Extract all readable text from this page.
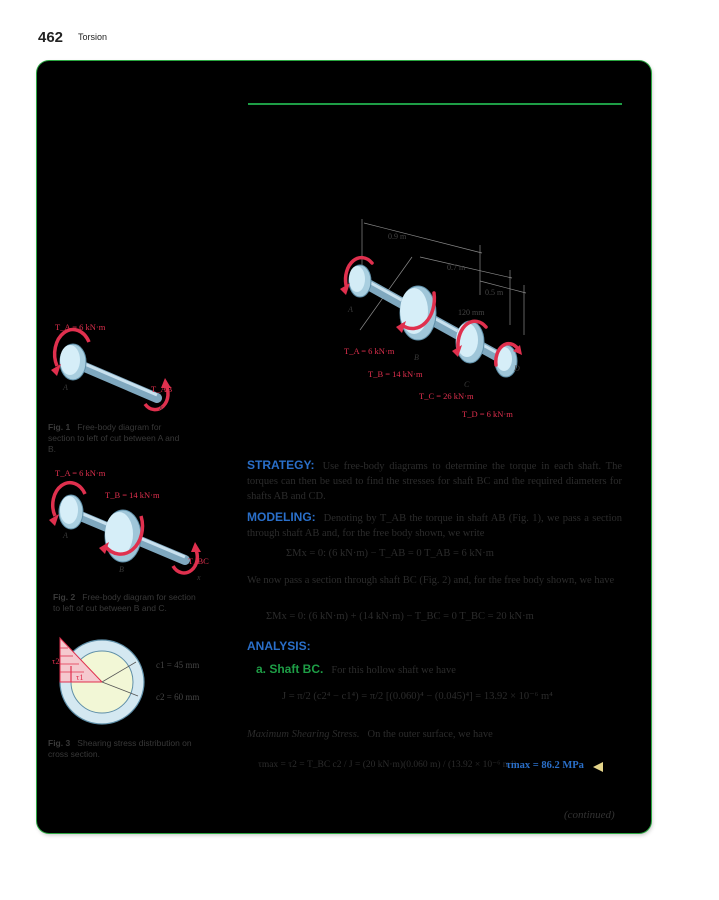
462 Torsion
0.9 m
0.7 m
0.5 m
120 mm
A
B
C
D
T_A = 6 kN·m
T_B = 14 kN·m
T_C = 26 kN·m
T_D = 6 kN·m
T_A = 6 kN·m
T_AB
A
x
Fig. 1 Free-body diagram for section to left of cut between A and B.
T_A = 6 kN·m
T_B = 14 kN·m
T_BC
A
B
x
Fig. 2 Free-body diagram for section to left of cut between B and C.
τ2
τ1
c1 = 45 mm
c2 = 60 mm
Fig. 3 Shearing stress distribution on cross section.
STRATEGY: Use free-body diagrams to determine the torque in each shaft. The torques can then be used to find the stresses for shaft BC and the required diameters for shafts AB and CD.
MODELING: Denoting by T_AB the torque in shaft AB (Fig. 1), we pass a section through shaft AB and, for the free body shown, we write
ΣMx = 0: (6 kN·m) − T_AB = 0 T_AB = 6 kN·m
We now pass a section through shaft BC (Fig. 2) and, for the free body shown, we have
ΣMx = 0: (6 kN·m) + (14 kN·m) − T_BC = 0 T_BC = 20 kN·m
ANALYSIS:
a. Shaft BC. For this hollow shaft we have
J = π/2 (c2⁴ − c1⁴) = π/2 [(0.060)⁴ − (0.045)⁴] = 13.92 × 10⁻⁶ m⁴
Maximum Shearing Stress. On the outer surface, we have
τmax = τ2 = T_BC c2 / J = (20 kN·m)(0.060 m) / (13.92 × 10⁻⁶ m⁴)
τmax = 86.2 MPa
(continued)
